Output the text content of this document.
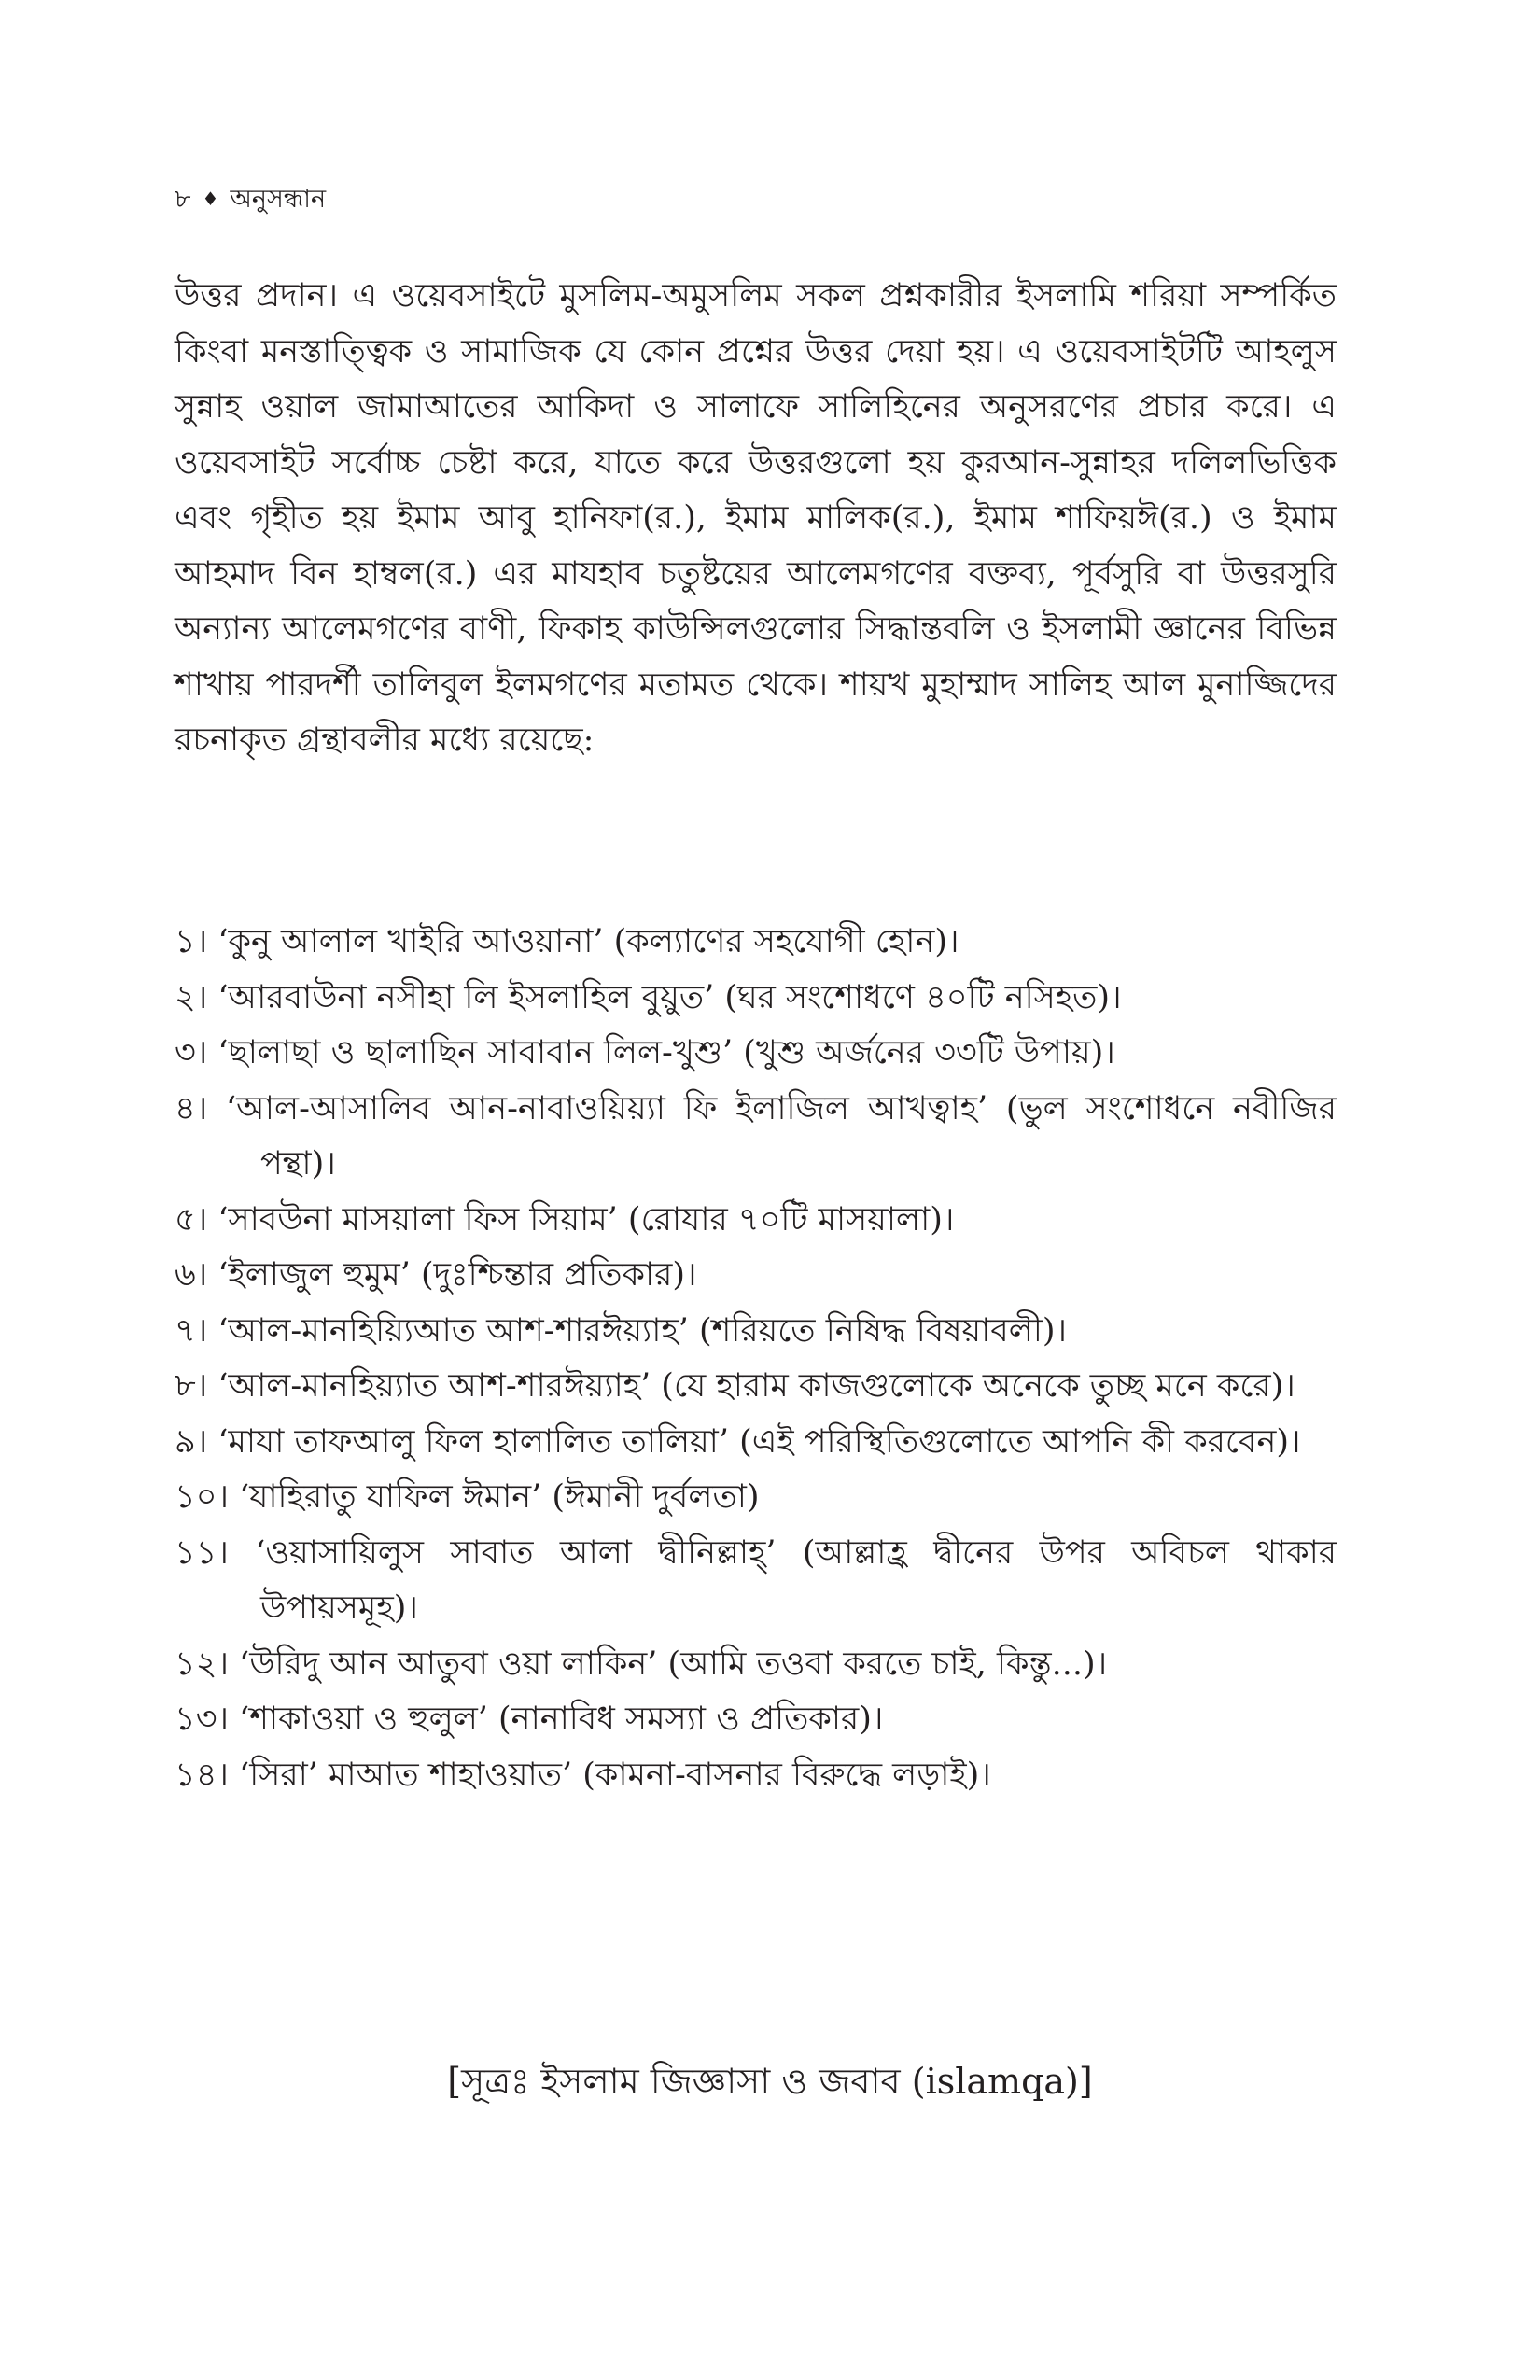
৮ ♦ অনুসন্ধান

উত্তর প্রদান। এ ওয়েবসাইটে মুসলিম-অমুসলিম সকল প্রশ্নকারীর ইসলামি শরিয়া সম্পর্কিত কিংবা মনস্তাত্ত্বিক ও সামাজিক যে কোন প্রশ্নের উত্তর দেয়া হয়। এ ওয়েবসাইটটি আহলুস সুন্নাহ ওয়াল জামাআতের আকিদা ও সালাফে সালিহিনের অনুসরণের প্রচার করে। এ ওয়েবসাইট সর্বোচ্চ চেষ্টা করে, যাতে করে উত্তরগুলো হয় কুরআন-সুন্নাহর দলিলভিত্তিক এবং গৃহীত হয় ইমাম আবু হানিফা(র.), ইমাম মালিক(র.), ইমাম শাফিয়ঈ(র.) ও ইমাম আহমাদ বিন হাম্বল(র.) এর মাযহাব চতুষ্টয়ের আলেমগণের বক্তব্য, পূর্বসুরি বা উত্তরসুরি অন্যান্য আলেমগণের বাণী, ফিকাহ কাউন্সিলগুলোর সিদ্ধান্তবলি ও ইসলামী জ্ঞানের বিভিন্ন শাখায় পারদর্শী তালিবুল ইলমগণের মতামত থেকে। শায়খ মুহাম্মাদ সালিহ আল মুনাজ্জিদের রচনাকৃত গ্রন্থাবলীর মধ্যে রয়েছে:

১। ‘কুনু আলাল খাইরি আওয়ানা’ (কল্যাণের সহযোগী হোন)।
২। ‘আরবাউনা নসীহা লি ইসলাহিল বুয়ুত’ (ঘর সংশোধণে ৪০টি নসিহত)।
৩। ‘ছালাছা ও ছালাছিন সাবাবান লিল-খুশু’ (খুশু অর্জনের ৩৩টি উপায়)।
৪। ‘আল-আসালিব আন-নাবাওয়িয়্যা ফি ইলাজিল আখত্বাহ’ (ভুল সংশোধনে নবীজির পন্থা)।
৫। ‘সাবউনা মাসয়ালা ফিস সিয়াম’ (রোযার ৭০টি মাসয়ালা)।
৬। ‘ইলাজুল হুমুম’ (দুঃশ্চিন্তার প্রতিকার)।
৭। ‘আল-মানহিয়্যিআত আশ-শারঈয়্যাহ’ (শরিয়তে নিষিদ্ধ বিষয়াবলী)।
৮। ‘আল-মানহিয়্যাত আশ-শারঈয়্যাহ’ (যে হারাম কাজগুলোকে অনেকে তুচ্ছ মনে করে)।
৯। ‘মাযা তাফআলু ফিল হালালিত তালিয়া’ (এই পরিস্থিতিগুলোতে আপনি কী করবেন)।
১০। ‘যাহিরাতু যাফিল ঈমান’ (ঈমানী দুর্বলতা)
১১। ‘ওয়াসায়িলুস সাবাত আলা দ্বীনিল্লাহ্’ (আল্লাহ্র দ্বীনের উপর অবিচল থাকার উপায়সমূহ)।
১২। ‘উরিদু আন আতুবা ওয়া লাকিন’ (আমি তওবা করতে চাই, কিন্তু...)।
১৩। ‘শাকাওয়া ও হুলুল’ (নানাবিধ সমস্যা ও প্রতিকার)।
১৪। ‘সিরা’ মাআত শাহাওয়াত’ (কামনা-বাসনার বিরুদ্ধে লড়াই)।

[সূত্রঃ ইসলাম জিজ্ঞাসা ও জবাব (islamqa)]
